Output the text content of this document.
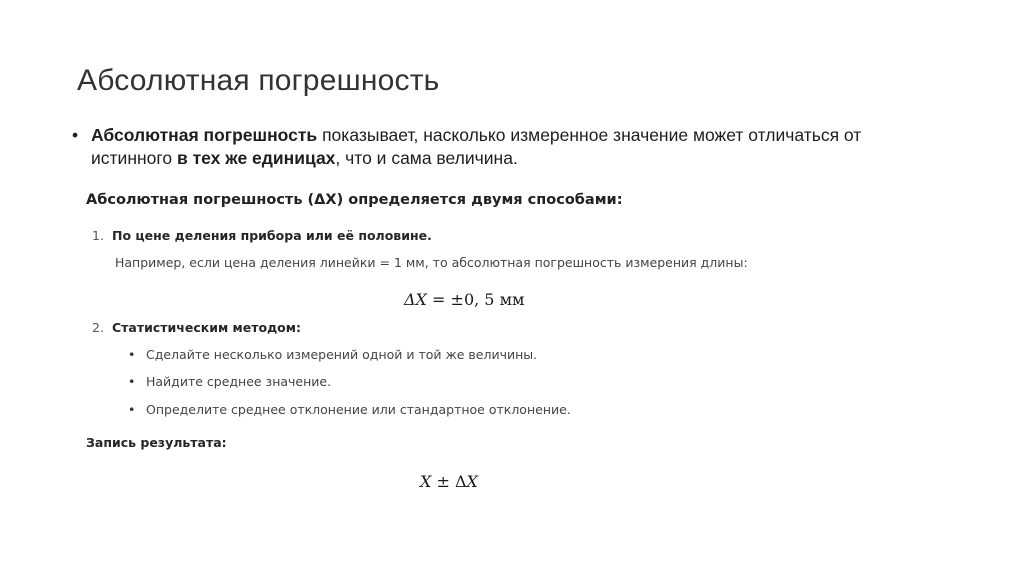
Абсолютная погрешность
• Абсолютная погрешность показывает, насколько измеренное значение может отличаться от истинного в тех же единицах, что и сама величина.
Абсолютная погрешность (ΔX) определяется двумя способами:
1. По цене деления прибора или её половине.
Например, если цена деления линейки = 1 мм, то абсолютная погрешность измерения длины:
ΔX = ±0, 5 мм
2. Статистическим методом:
• Сделайте несколько измерений одной и той же величины.
• Найдите среднее значение.
• Определите среднее отклонение или стандартное отклонение.
Запись результата:
X ± ΔX
